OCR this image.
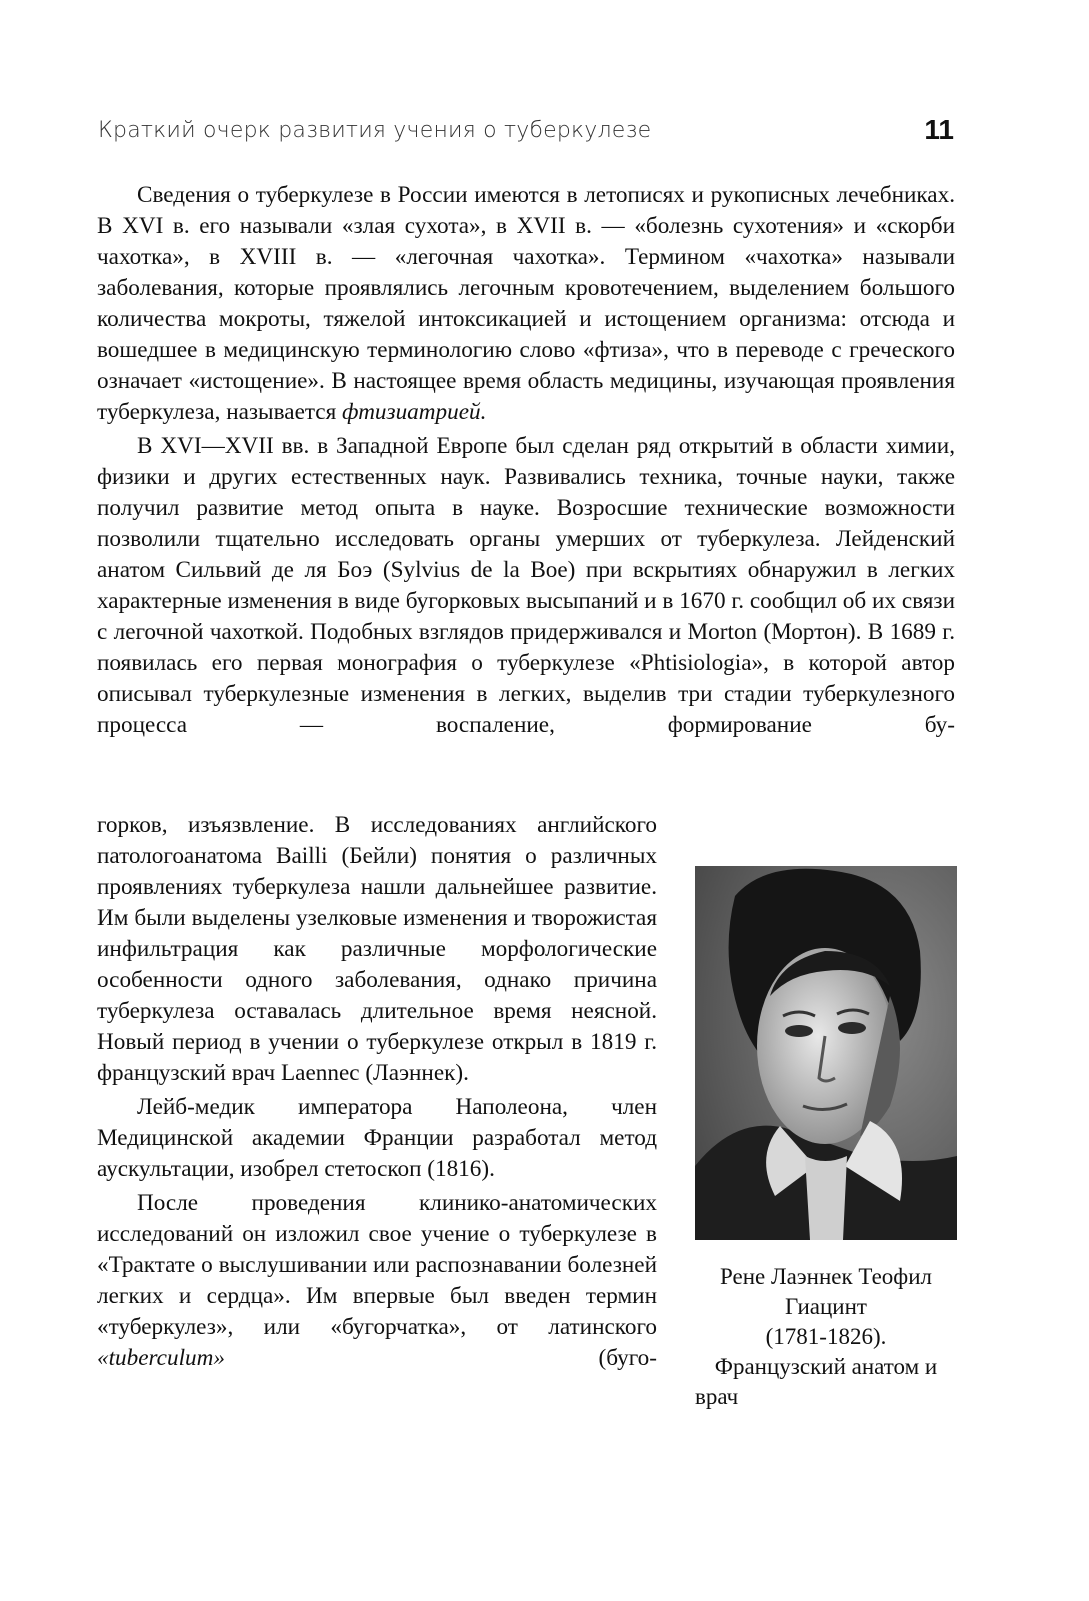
Краткий очерк развития учения о туберкулезе	11

Сведения о туберкулезе в России имеются в летописях и рукописных лечебниках. В XVI в. его называли «злая сухота», в XVII в. — «болезнь сухотения» и «скорби чахотка», в XVIII в. — «легочная чахотка». Термином «чахотка» называли заболевания, которые проявлялись легочным кровотечением, выделением большого количества мокроты, тяжелой интоксикацией и истощением организма: отсюда и вошедшее в медицинскую терминологию слово «фтиза», что в переводе с греческого означает «истощение». В настоящее время область медицины, изучающая проявления туберкулеза, называется фтизиатрией.

В XVI—XVII вв. в Западной Европе был сделан ряд открытий в области химии, физики и других естественных наук. Развивались техника, точные науки, также получил развитие метод опыта в науке. Возросшие технические возможности позволили тщательно исследовать органы умерших от туберкулеза. Лейденский анатом Сильвий де ля Боэ (Sylvius de la Boe) при вскрытиях обнаружил в легких характерные изменения в виде бугорковых высыпаний и в 1670 г. сообщил об их связи с легочной чахоткой. Подобных взглядов придерживался и Morton (Мортон). В 1689 г. появилась его первая монография о туберкулезе «Phtisiologia», в которой автор описывал туберкулезные изменения в легких, выделив три стадии туберкулезного процесса — воспаление, формирование бу-

горков, изъязвление. В исследованиях английского патологоанатома Bailli (Бейли) понятия о различных проявлениях туберкулеза нашли дальнейшее развитие. Им были выделены узелковые изменения и творожистая инфильтрация как различные морфологические особенности одного заболевания, однако причина туберкулеза оставалась длительное время неясной. Новый период в учении о туберкулезе открыл в 1819 г. французский врач Laennec (Лаэннек).

Лейб-медик императора Наполеона, член Медицинской академии Франции разработал метод аускультации, изобрел стетоскоп (1816).

После проведения клинико-анатомических исследований он изложил свое учение о туберкулезе в «Трактате о выслушивании или распознавании болезней легких и сердца». Им впервые был введен термин «туберкулез», или «бугорчатка», от латинского «tuberculum»	(буго-

Рене Лаэннек Теофил
Гиацинт
(1781-1826).
Французский анатом и
врач
